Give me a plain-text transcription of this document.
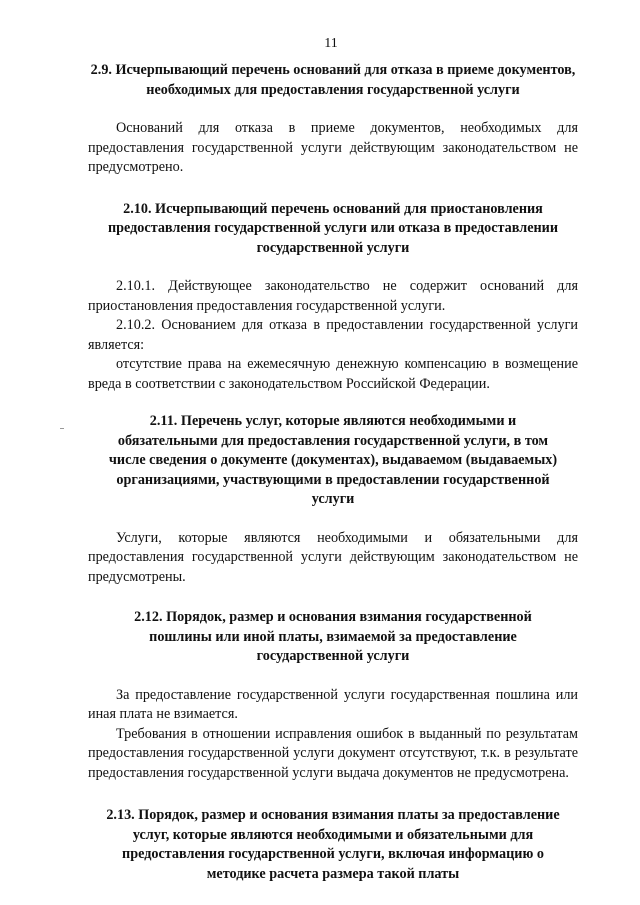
11
2.9. Исчерпывающий перечень оснований для отказа в приеме документов, необходимых для предоставления государственной услуги

Оснований для отказа в приеме документов, необходимых для предоставления государственной услуги действующим законодательством не предусмотрено.

2.10. Исчерпывающий перечень оснований для приостановления предоставления государственной услуги или отказа в предоставлении государственной услуги

2.10.1. Действующее законодательство не содержит оснований для приостановления предоставления государственной услуги.

2.10.2. Основанием для отказа в предоставлении государственной услуги является:

отсутствие права на ежемесячную денежную компенсацию в возмещение вреда в соответствии с законодательством Российской Федерации.

2.11. Перечень услуг, которые являются необходимыми и обязательными для предоставления государственной услуги, в том числе сведения о документе (документах), выдаваемом (выдаваемых) организациями, участвующими в предоставлении государственной услуги

Услуги, которые являются необходимыми и обязательными для предоставления государственной услуги действующим законодательством не предусмотрены.

2.12. Порядок, размер и основания взимания государственной пошлины или иной платы, взимаемой за предоставление государственной услуги

За предоставление государственной услуги государственная пошлина или иная плата не взимается.

Требования в отношении исправления ошибок в выданный по результатам предоставления государственной услуги документ отсутствуют, т.к. в результате предоставления государственной услуги выдача документов не предусмотрена.

2.13. Порядок, размер и основания взимания платы за предоставление услуг, которые являются необходимыми и обязательными для предоставления государственной услуги, включая информацию о методике расчета размера такой платы
